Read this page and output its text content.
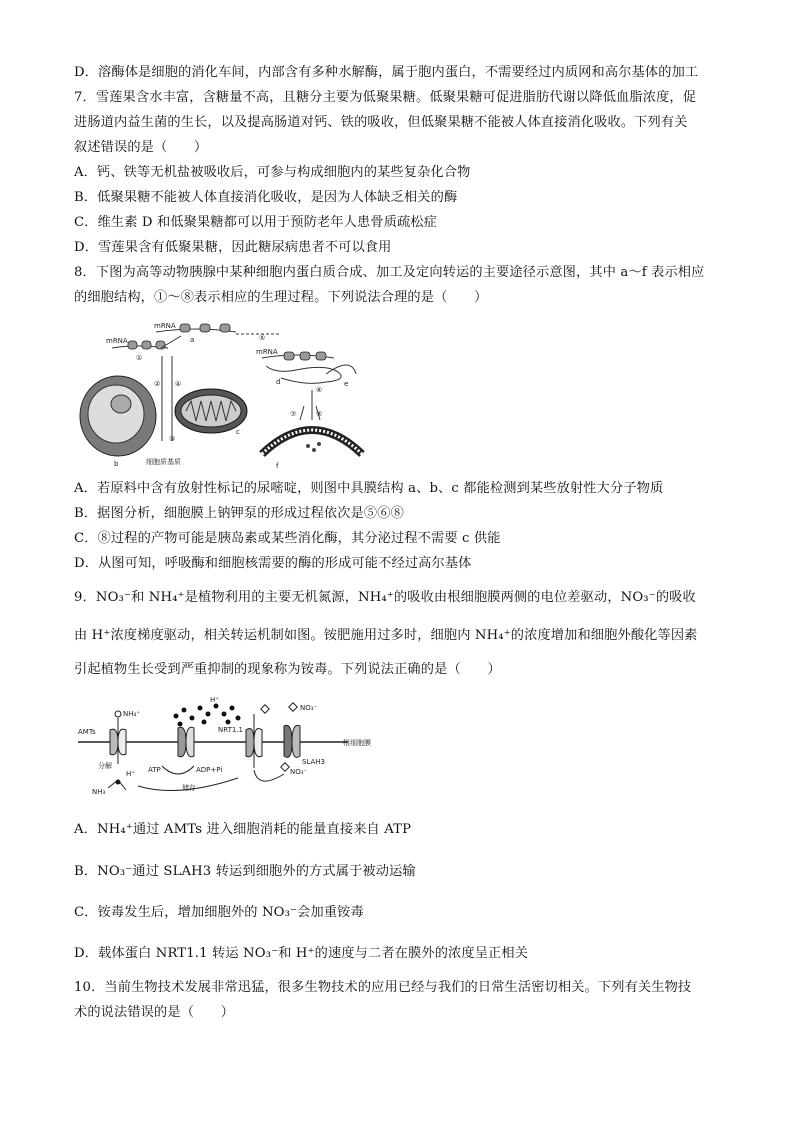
D．溶酶体是细胞的消化车间，内部含有多种水解酶，属于胞内蛋白，不需要经过内质网和高尔基体的加工
7．雪莲果含水丰富，含糖量不高，且糖分主要为低聚果糖。低聚果糖可促进脂肪代谢以降低血脂浓度，促
进肠道内益生菌的生长，以及提高肠道对钙、铁的吸收，但低聚果糖不能被人体直接消化吸收。下列有关
叙述错误的是（　　）
A．钙、铁等无机盐被吸收后，可参与构成细胞内的某些复杂化合物
B．低聚果糖不能被人体直接消化吸收，是因为人体缺乏相关的酶
C．维生素 D 和低聚果糖都可以用于预防老年人患骨质疏松症
D．雪莲果含有低聚果糖，因此糖尿病患者不可以食用
8．下图为高等动物胰腺中某种细胞内蛋白质合成、加工及定向转运的主要途径示意图，其中 a～f 表示相应
的细胞结构，①～⑧表示相应的生理过程。下列说法合理的是（　　）
mRNA
a	⑤
mRNA
①
② ④
③
b
c
细胞质基质
mRNA
d	e
⑥
⑦	⑧
f
A．若原料中含有放射性标记的尿嘧啶，则图中具膜结构 a、b、c 都能检测到某些放射性大分子物质
B．据图分析，细胞膜上钠钾泵的形成过程依次是⑤⑥⑧
C．⑧过程的产物可能是胰岛素或某些消化酶，其分泌过程不需要 c 供能
D．从图可知，呼吸酶和细胞核需要的酶的形成可能不经过高尔基体
9．NO₃⁻和 NH₄⁺是植物利用的主要无机氮源，NH₄⁺的吸收由根细胞膜两侧的电位差驱动，NO₃⁻的吸收
由 H⁺浓度梯度驱动，相关转运机制如图。铵肥施用过多时，细胞内 NH₄⁺的浓度增加和细胞外酸化等因素
引起植物生长受到严重抑制的现象称为铵毒。下列说法正确的是（　　）
根细胞膜
AMTs
NH₄⁺
ATP	ADP+Pi
H⁺
NRT1.1
SLAH3
NO₃⁻
NO₃⁻
分解
H⁺
NH₃	储存
A．NH₄⁺通过 AMTs 进入细胞消耗的能量直接来自 ATP
B．NO₃⁻通过 SLAH3 转运到细胞外的方式属于被动运输
C．铵毒发生后，增加细胞外的 NO₃⁻会加重铵毒
D．载体蛋白 NRT1.1 转运 NO₃⁻和 H⁺的速度与二者在膜外的浓度呈正相关
10．当前生物技术发展非常迅猛，很多生物技术的应用已经与我们的日常生活密切相关。下列有关生物技
术的说法错误的是（　　）
